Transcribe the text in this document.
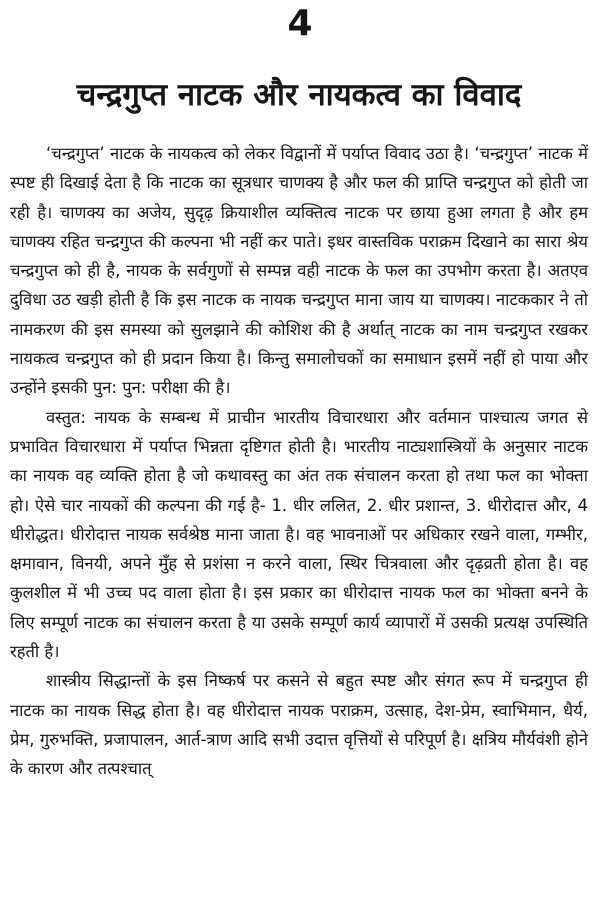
4
चन्द्रगुप्त नाटक और नायकत्व का विवाद

‘चन्द्रगुप्त’ नाटक के नायकत्व को लेकर विद्वानों में पर्याप्त विवाद उठा है। ‘चन्द्रगुप्त’ नाटक में स्पष्ट ही दिखाई देता है कि नाटक का सूत्रधार चाणक्य है और फल की प्राप्ति चन्द्रगुप्त को होती जा रही है। चाणक्य का अजेय, सुदृढ़ क्रियाशील व्यक्तित्व नाटक पर छाया हुआ लगता है और हम चाणक्य रहित चन्द्रगुप्त की कल्पना भी नहीं कर पाते। इधर वास्तविक पराक्रम दिखाने का सारा श्रेय चन्द्रगुप्त को ही है, नायक के सर्वगुणों से सम्पन्न वही नाटक के फल का उपभोग करता है। अतएव दुविधा उठ खड़ी होती है कि इस नाटक क नायक चन्द्रगुप्त माना जाय या चाणक्य। नाटककार ने तो नामकरण की इस समस्या को सुलझाने की कोशिश की है अर्थात् नाटक का नाम चन्द्रगुप्त रखकर नायकत्व चन्द्रगुप्त को ही प्रदान किया है। किन्तु समालोचकों का समाधान इसमें नहीं हो पाया और उन्होंने इसकी पुन: पुन: परीक्षा की है।

वस्तुत: नायक के सम्बन्ध में प्राचीन भारतीय विचारधारा और वर्तमान पाश्चात्य जगत से प्रभावित विचारधारा में पर्याप्त भिन्नता दृष्टिगत होती है। भारतीय नाट्यशास्त्रियों के अनुसार नाटक का नायक वह व्यक्ति होता है जो कथावस्तु का अंत तक संचालन करता हो तथा फल का भोक्ता हो। ऐसे चार नायकों की कल्पना की गई है- 1. धीर ललित, 2. धीर प्रशान्त, 3. धीरोदात्त और, 4 धीरोद्धत। धीरोदात्त नायक सर्वश्रेष्ठ माना जाता है। वह भावनाओं पर अधिकार रखने वाला, गम्भीर, क्षमावान, विनयी, अपने मुँह से प्रशंसा न करने वाला, स्थिर चित्रवाला और दृढ़व्रती होता है। वह कुलशील में भी उच्च पद वाला होता है। इस प्रकार का धीरोदात्त नायक फल का भोक्ता बनने के लिए सम्पूर्ण नाटक का संचालन करता है या उसके सम्पूर्ण कार्य व्यापारों में उसकी प्रत्यक्ष उपस्थिति रहती है।

शास्त्रीय सिद्धान्तों के इस निष्कर्ष पर कसने से बहुत स्पष्ट और संगत रूप में चन्द्रगुप्त ही नाटक का नायक सिद्ध होता है। वह धीरोदात्त नायक पराक्रम, उत्साह, देश-प्रेम, स्वाभिमान, धैर्य, प्रेम, गुरुभक्ति, प्रजापालन, आर्त-त्राण आदि सभी उदात्त वृत्तियों से परिपूर्ण है। क्षत्रिय मौर्यवंशी होने के कारण और तत्पश्चात्
